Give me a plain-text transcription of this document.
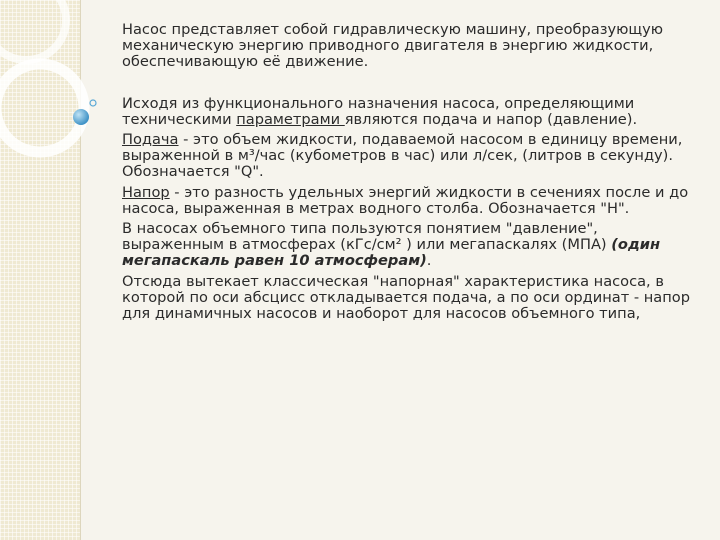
Насос представляет собой гидравлическую машину, преобразующую механическую энергию приводного двигателя в энергию жидкости, обеспечивающую её движение.

Исходя из функционального назначения насоса, определяющими техническими параметрами являются подача и напор (давление).

Подача - это объем жидкости, подаваемой насосом в единицу времени, выраженной в м³/час (кубометров в час) или л/сек, (литров в секунду). Обозначается "Q".

Напор - это разность удельных энергий жидкости в сечениях после и до насоса, выраженная в метрах водного столба. Обозначается "Н".

В насосах объемного типа пользуются понятием "давление", выраженным в атмосферах (кГс/см² ) или мегапаскалях (МПА) (один мегапаскаль равен 10 атмосферам).

Отсюда вытекает классическая "напорная" характеристика насоса, в которой по оси абсцисс откладывается подача, а по оси ординат - напор для динамичных насосов и наоборот для насосов объемного типа,
